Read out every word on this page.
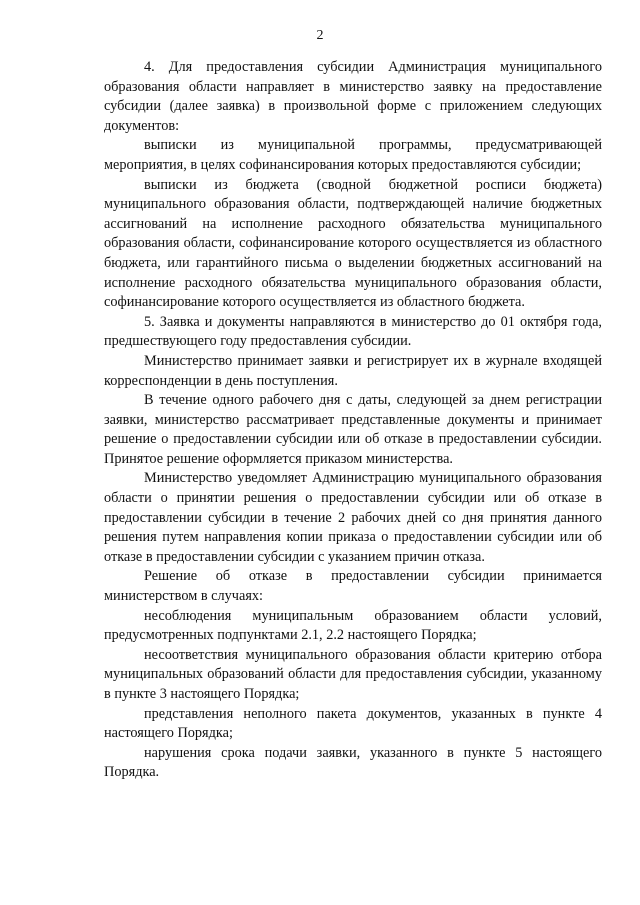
2

4. Для предоставления субсидии Администрация муниципального образования области направляет в министерство заявку на предоставление субсидии (далее заявка) в произвольной форме с приложением следующих документов:

выписки из муниципальной программы, предусматривающей мероприятия, в целях софинансирования которых предоставляются субсидии;

выписки из бюджета (сводной бюджетной росписи бюджета) муниципального образования области, подтверждающей наличие бюджетных ассигнований на исполнение расходного обязательства муниципального образования области, софинансирование которого осуществляется из областного бюджета, или гарантийного письма о выделении бюджетных ассигнований на исполнение расходного обязательства муниципального образования области, софинансирование которого осуществляется из областного бюджета.

5. Заявка и документы направляются в министерство до 01 октября года, предшествующего году предоставления субсидии.

Министерство принимает заявки и регистрирует их в журнале входящей корреспонденции в день поступления.

В течение одного рабочего дня с даты, следующей за днем регистрации заявки, министерство рассматривает представленные документы и принимает решение о предоставлении субсидии или об отказе в предоставлении субсидии. Принятое решение оформляется приказом министерства.

Министерство уведомляет Администрацию муниципального образования области о принятии решения о предоставлении субсидии или об отказе в предоставлении субсидии в течение 2 рабочих дней со дня принятия данного решения путем направления копии приказа о предоставлении субсидии или об отказе в предоставлении субсидии с указанием причин отказа.

Решение об отказе в предоставлении субсидии принимается министерством в случаях:

несоблюдения муниципальным образованием области условий, предусмотренных подпунктами 2.1, 2.2 настоящего Порядка;

несоответствия муниципального образования области критерию отбора муниципальных образований области для предоставления субсидии, указанному в пункте 3 настоящего Порядка;

представления неполного пакета документов, указанных в пункте 4 настоящего Порядка;

нарушения срока подачи заявки, указанного в пункте 5 настоящего Порядка.
